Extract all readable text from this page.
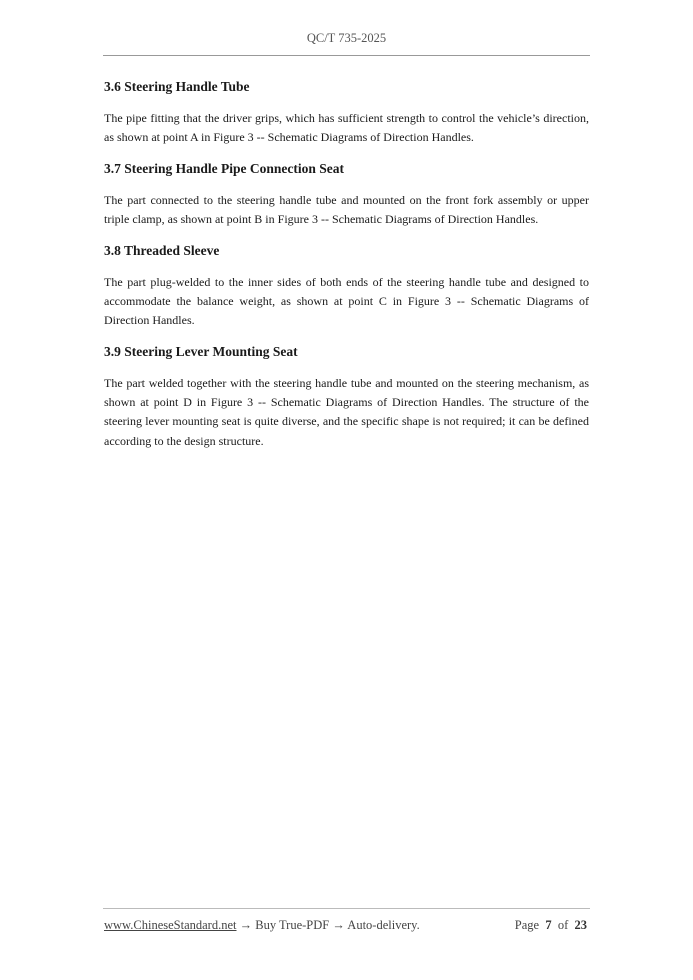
QC/T 735-2025
3.6 Steering Handle Tube

The pipe fitting that the driver grips, which has sufficient strength to control the vehicle’s direction, as shown at point A in Figure 3 -- Schematic Diagrams of Direction Handles.

3.7 Steering Handle Pipe Connection Seat

The part connected to the steering handle tube and mounted on the front fork assembly or upper triple clamp, as shown at point B in Figure 3 -- Schematic Diagrams of Direction Handles.

3.8 Threaded Sleeve

The part plug-welded to the inner sides of both ends of the steering handle tube and designed to accommodate the balance weight, as shown at point C in Figure 3 -- Schematic Diagrams of Direction Handles.

3.9 Steering Lever Mounting Seat

The part welded together with the steering handle tube and mounted on the steering mechanism, as shown at point D in Figure 3 -- Schematic Diagrams of Direction Handles. The structure of the steering lever mounting seat is quite diverse, and the specific shape is not required; it can be defined according to the design structure.

www.ChineseStandard.net → Buy True-PDF → Auto-delivery.	Page 7 of 23
